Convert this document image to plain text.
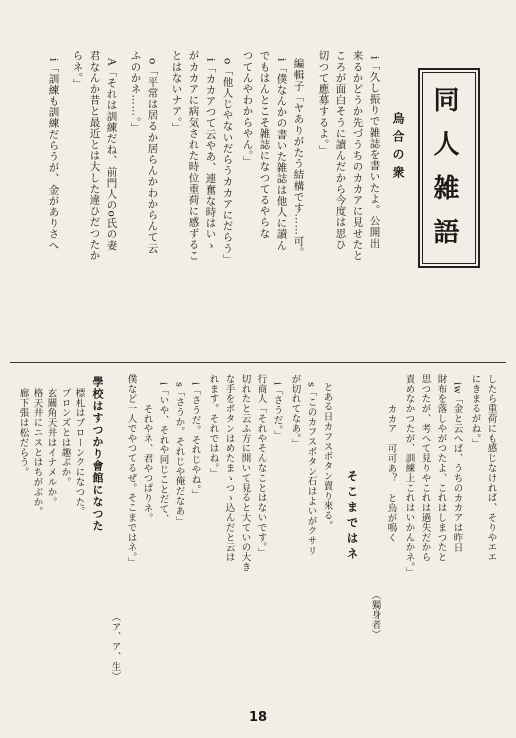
同人雑語
烏合の衆
i「久し振りで雑誌を書いたよ。公開出
来るかどうか先づうちのカカアに見せたと
ころが面白そうに讀んだから今度は思ひ
切つて應募するよ。」
編輯子「ヤありがたう結構です……可。
i「僕なんかの書いた雑誌は他人に讀ん
でもはんとこそ雑誌になつてるやらな
つてんやわからやん。」
o「他人じやないだらうカカアにだらう」
i「カカアつて云やあ、連奮な時はいゝ
がカカアに病気された時位重荷に感ずるこ
とはないナア。」
o「平常は居るか居らんかわからんて云
ふのかネ……。」
A「それは訓練だね、前門人のo氏の妻
君なんか昔と最近とは大した違ひだつたか
らネ。」
i「訓練も訓練だらうが、金がありさへ
したら重荷にも感じなければ、そりやエエ
にきまるがね。」
iw「金と云へば、うちのカカアは昨日
財布を落しやがつたよ、これはしまつたと
思つたが、考へて見りやこれは過失だから
責めなかつたが、訓練上これはいかんかネ。」
カカア　可可あ？　と烏が鳴く
（獨身者）
そこまではネ
とある日カフスボタン賣り來る。
s「このカフスボタン石はよいがクサリ
が切れてなあ。」
i「さうだ。」
行商人「それやそんなことはないです。」
切れたと云ふ方に開いて見ると大ていの大き
な手をボタンはめたまゝつゝ込んだと云は
れます。それではね。」
i「さうだ。それじやね。」
s「さうか。それじや俺だなあ」
i「いや、それや同じことだて、
それやネ、君やつぱりネ。
僕など一人でやつてるぜ。そこまではネ。」
（ア、ア、生）
學校はすつかり會館になつた
標札はブローンクになつた。
ブロンズとは趣ぶか。
玄關角天井はイナメルか。
格天井にニスとはちがぶか。
廊下張は松だらう。
18
